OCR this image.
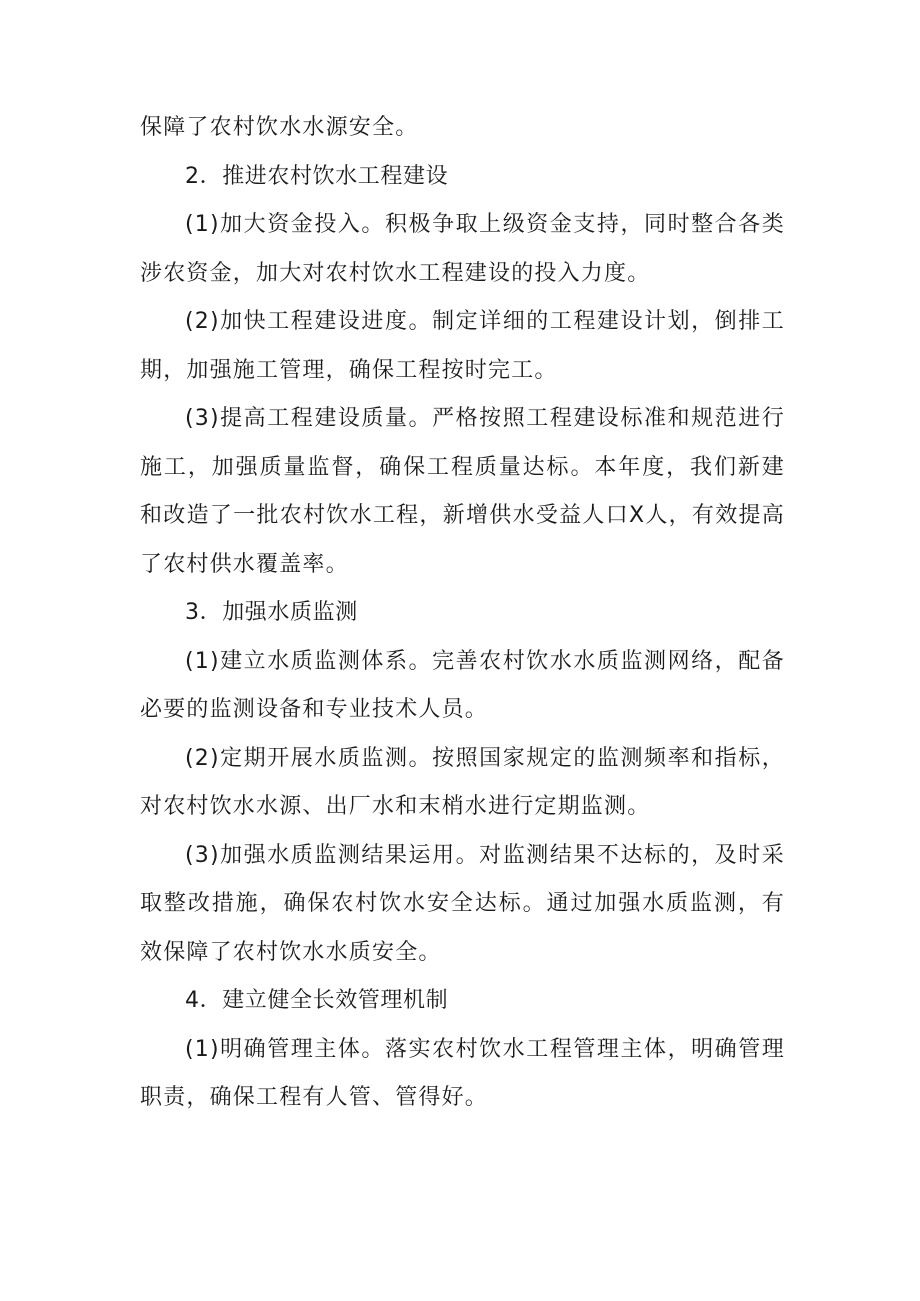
保障了农村饮水水源安全。

2．推进农村饮水工程建设

(1)加大资金投入。积极争取上级资金支持，同时整合各类涉农资金，加大对农村饮水工程建设的投入力度。

(2)加快工程建设进度。制定详细的工程建设计划，倒排工期，加强施工管理，确保工程按时完工。

(3)提高工程建设质量。严格按照工程建设标准和规范进行施工，加强质量监督，确保工程质量达标。本年度，我们新建和改造了一批农村饮水工程，新增供水受益人口X人，有效提高了农村供水覆盖率。

3．加强水质监测

(1)建立水质监测体系。完善农村饮水水质监测网络，配备必要的监测设备和专业技术人员。

(2)定期开展水质监测。按照国家规定的监测频率和指标，对农村饮水水源、出厂水和末梢水进行定期监测。

(3)加强水质监测结果运用。对监测结果不达标的，及时采取整改措施，确保农村饮水安全达标。通过加强水质监测，有效保障了农村饮水水质安全。

4．建立健全长效管理机制

(1)明确管理主体。落实农村饮水工程管理主体，明确管理职责，确保工程有人管、管得好。
